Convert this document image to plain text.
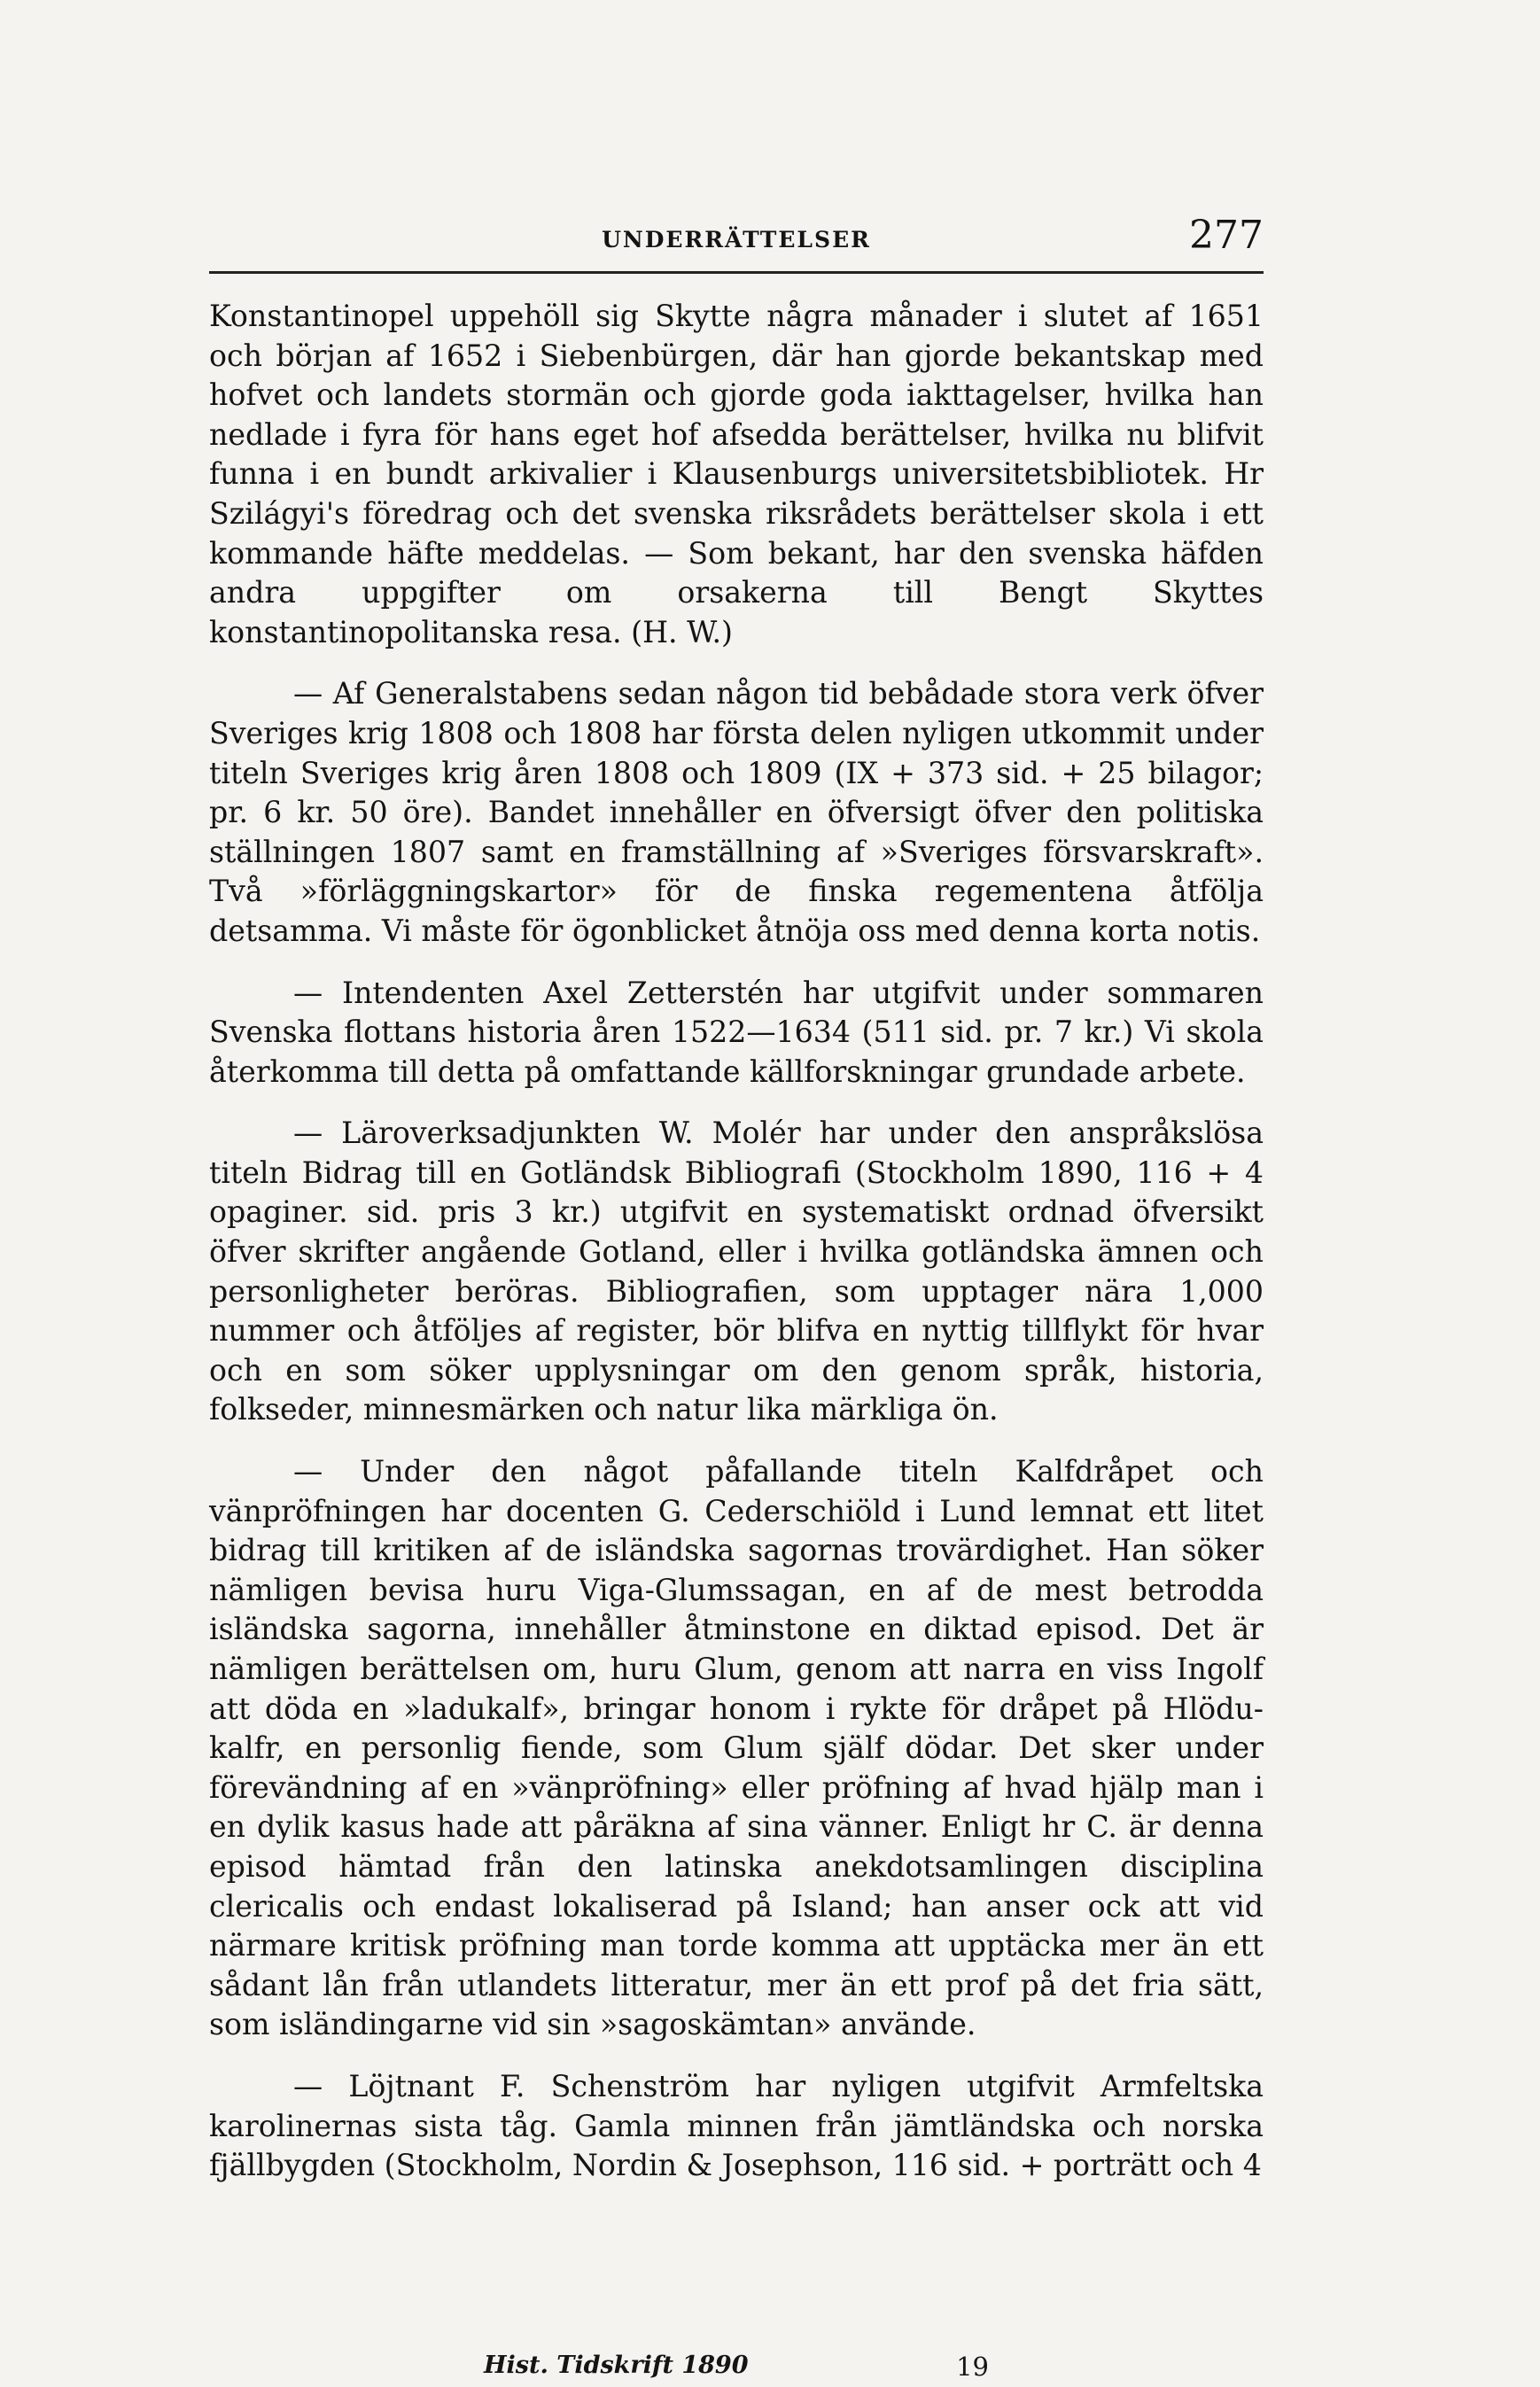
UNDERRÄTTELSER	277

Konstantinopel uppehöll sig Skytte några månader i slutet af 1651 och början af 1652 i Siebenbürgen, där han gjorde bekantskap med hofvet och landets stormän och gjorde goda iakttagelser, hvilka han nedlade i fyra för hans eget hof afsedda berättelser, hvilka nu blifvit funna i en bundt arkivalier i Klausenburgs universitetsbibliotek. Hr Szilágyi's föredrag och det svenska riksrådets berättelser skola i ett kommande häfte meddelas. — Som bekant, har den svenska häfden andra uppgifter om orsakerna till Bengt Skyttes konstantinopolitanska resa. (H. W.)

— Af Generalstabens sedan någon tid bebådade stora verk öfver Sveriges krig 1808 och 1808 har första delen nyligen utkommit under titeln Sveriges krig åren 1808 och 1809 (IX + 373 sid. + 25 bilagor; pr. 6 kr. 50 öre). Bandet innehåller en öfversigt öfver den politiska ställningen 1807 samt en framställning af »Sveriges försvarskraft». Två »förläggningskartor» för de finska regementena åtfölja detsamma. Vi måste för ögonblicket åtnöja oss med denna korta notis.

— Intendenten Axel Zetterstén har utgifvit under sommaren Svenska flottans historia åren 1522—1634 (511 sid. pr. 7 kr.) Vi skola återkomma till detta på omfattande källforskningar grundade arbete.

— Läroverksadjunkten W. Molér har under den anspråkslösa titeln Bidrag till en Gotländsk Bibliografi (Stockholm 1890, 116 + 4 opaginer. sid. pris 3 kr.) utgifvit en systematiskt ordnad öfversikt öfver skrifter angående Gotland, eller i hvilka gotländska ämnen och personligheter beröras. Bibliografien, som upptager nära 1,000 nummer och åtföljes af register, bör blifva en nyttig tillflykt för hvar och en som söker upplysningar om den genom språk, historia, folkseder, minnesmärken och natur lika märkliga ön.

— Under den något påfallande titeln Kalfdråpet och vänpröfningen har docenten G. Cederschiöld i Lund lemnat ett litet bidrag till kritiken af de isländska sagornas trovärdighet. Han söker nämligen bevisa huru Viga-Glumssagan, en af de mest betrodda isländska sagorna, innehåller åtminstone en diktad episod. Det är nämligen berättelsen om, huru Glum, genom att narra en viss Ingolf att döda en »ladukalf», bringar honom i rykte för dråpet på Hlödu-kalfr, en personlig fiende, som Glum själf dödar. Det sker under förevändning af en »vänpröfning» eller pröfning af hvad hjälp man i en dylik kasus hade att påräkna af sina vänner. Enligt hr C. är denna episod hämtad från den latinska anekdotsamlingen disciplina clericalis och endast lokaliserad på Island; han anser ock att vid närmare kritisk pröfning man torde komma att upptäcka mer än ett sådant lån från utlandets litteratur, mer än ett prof på det fria sätt, som isländingarne vid sin »sagoskämtan» använde.

— Löjtnant F. Schenström har nyligen utgifvit Armfeltska karolinernas sista tåg. Gamla minnen från jämtländska och norska fjällbygden (Stockholm, Nordin & Josephson, 116 sid. + porträtt och 4

Hist. Tidskrift 1890	19
